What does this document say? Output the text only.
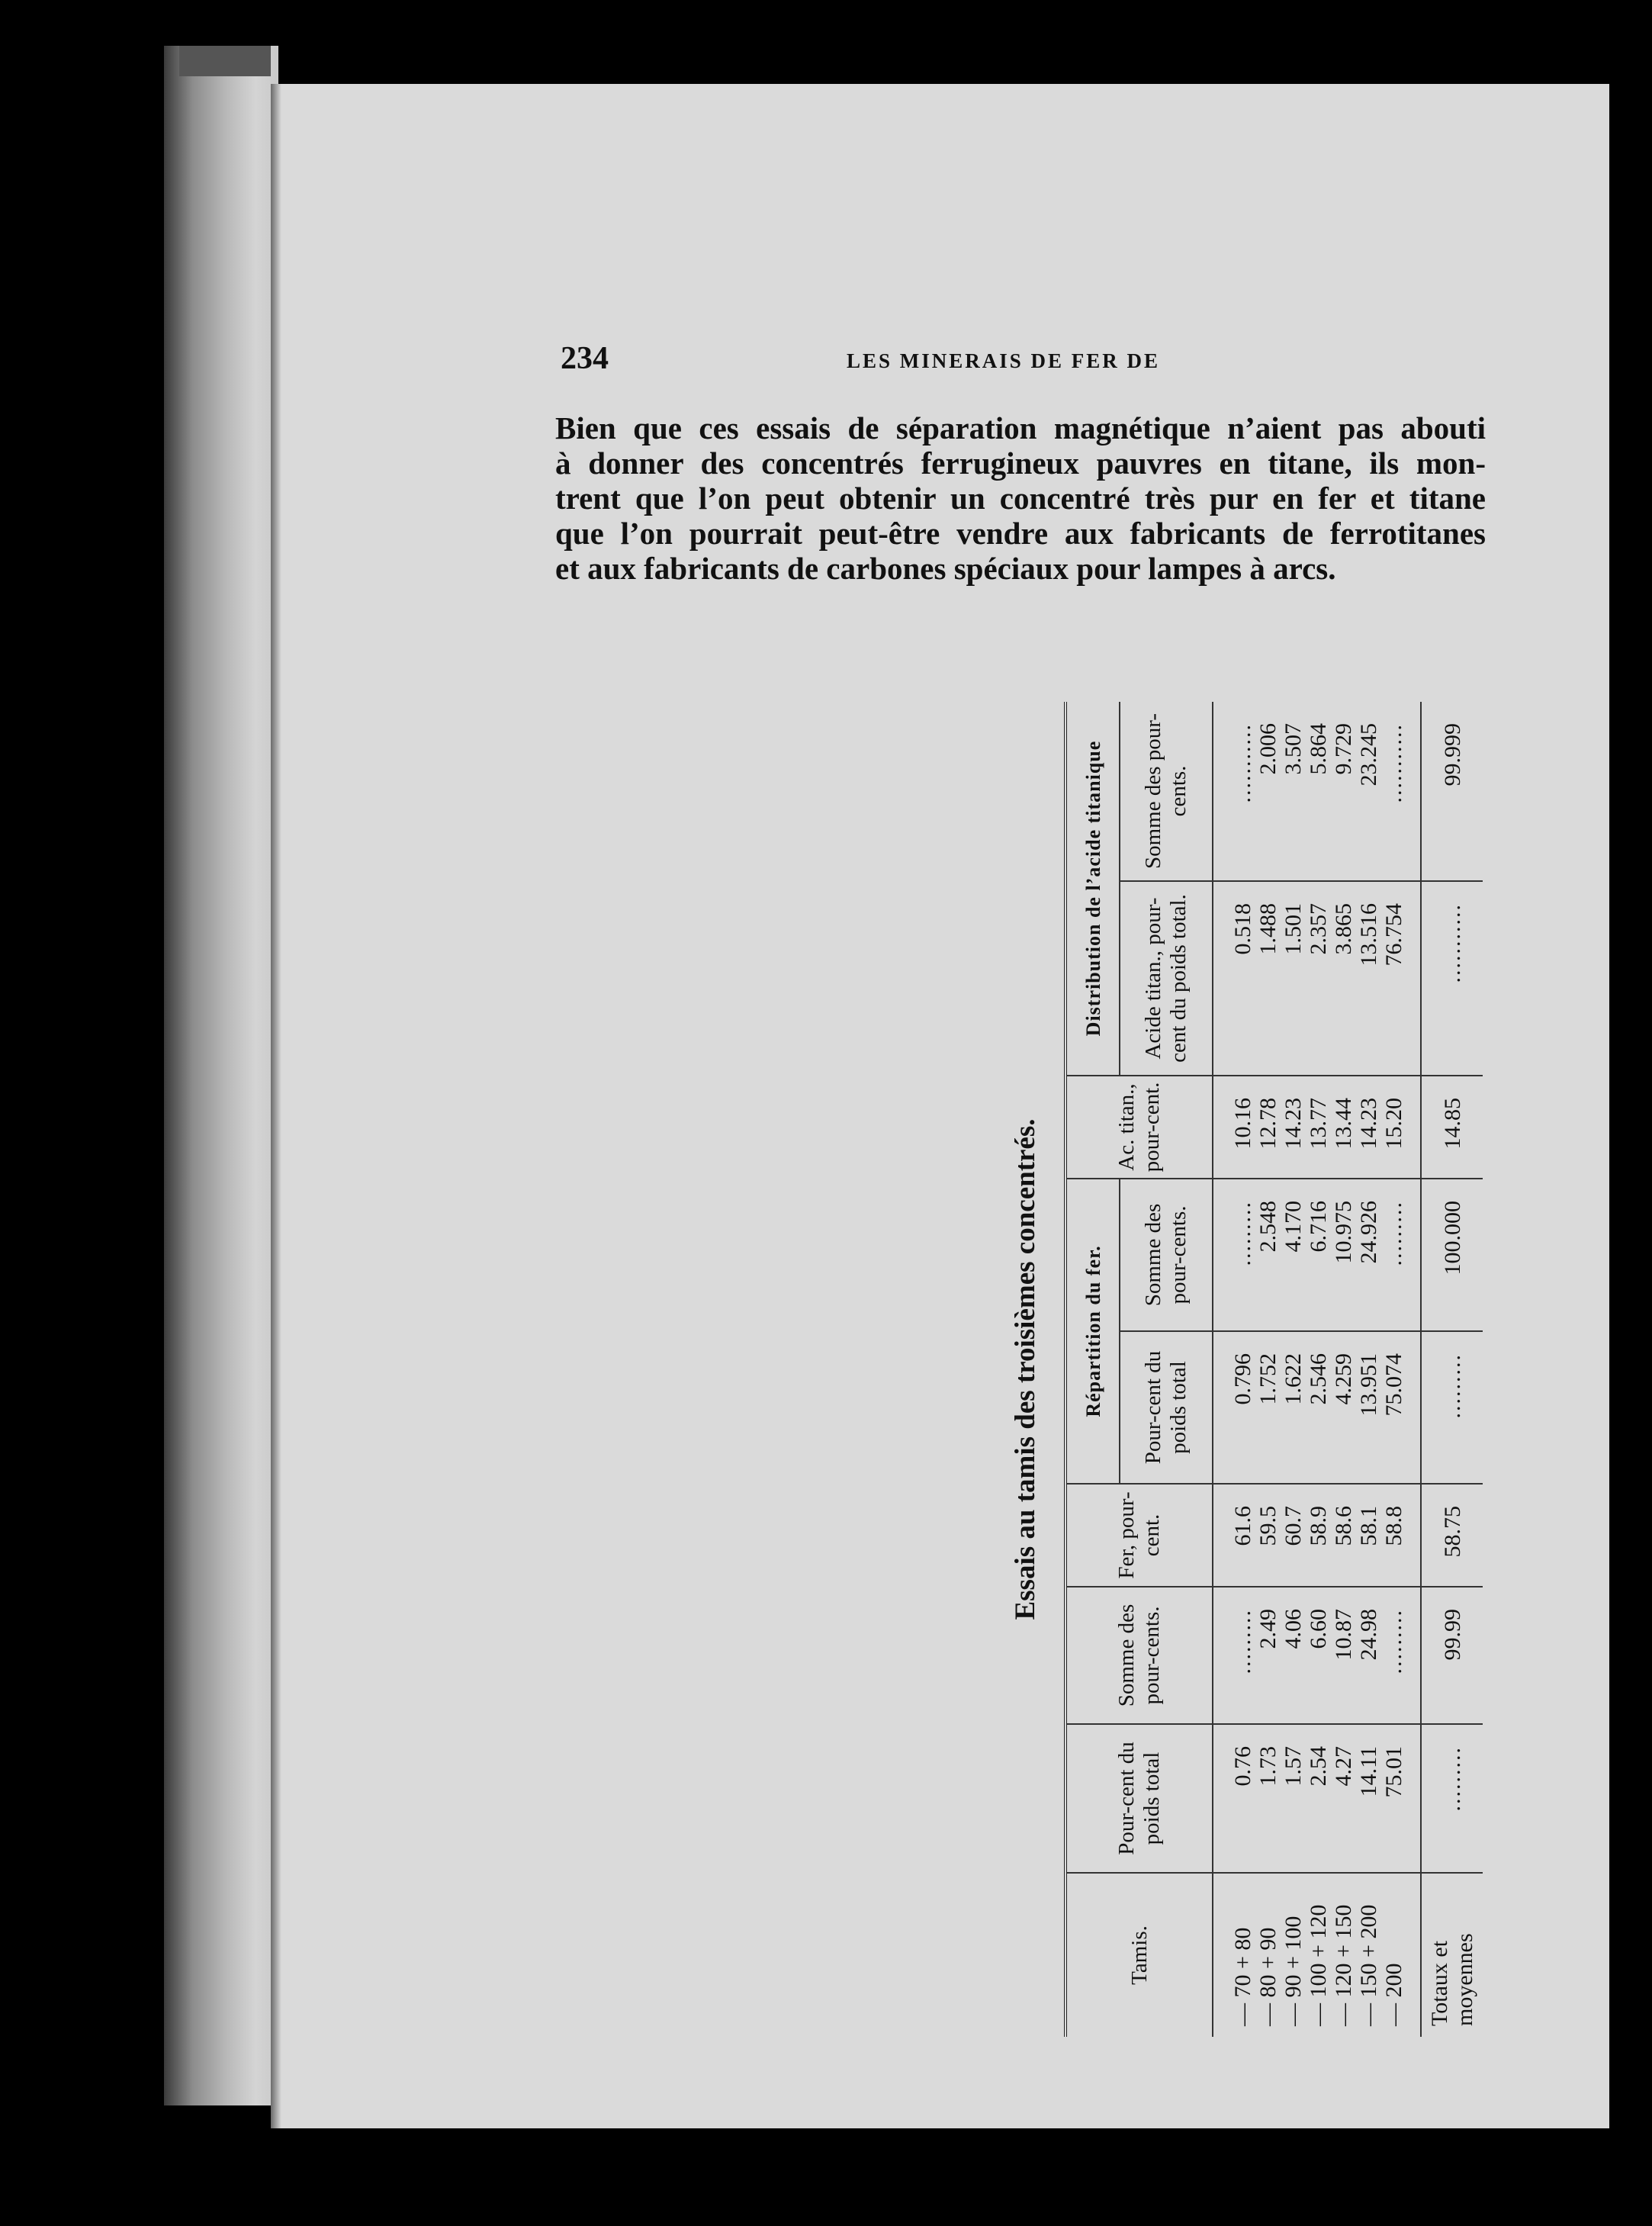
234	LES MINERAIS DE FER DE
Bien que ces essais de séparation magnétique n’aient pas abouti
à donner des concentrés ferrugineux pauvres en titane, ils mon-
trent que l’on peut obtenir un concentré très pur en fer et titane
que l’on pourrait peut-être vendre aux fabricants de ferrotitanes
et aux fabricants de carbones spéciaux pour lampes à arcs.
Essais au tamis des troisièmes concentrés.
Tamis.	Pour-cent du poids total	Somme des pour-cents.	Fer, pour-cent.	Répartition du fer.		Ac. titan., pour-cent.	Distribution de l’acide titanique	
				Pour-cent du poids total	Somme des pour-cents.		Acide titan., pour-cent du poids total.	Somme des pour-cents.
— 70 + 80	0.76	.........	61.6	0.796	.........	10.16	0.518	...........
— 80 + 90	1.73	2.49	59.5	1.752	2.548	12.78	1.488	2.006
— 90 + 100	1.57	4.06	60.7	1.622	4.170	14.23	1.501	3.507
— 100 + 120	2.54	6.60	58.9	2.546	6.716	13.77	2.357	5.864
— 120 + 150	4.27	10.87	58.6	4.259	10.975	13.44	3.865	9.729
— 150 + 200	14.11	24.98	58.1	13.951	24.926	14.23	13.516	23.245
— 200	75.01	.........	58.8	75.074	.........	15.20	76.754	...........
Totaux et moyennes	.........	99.99	58.75	.........	100.000	14.85	...........	99.999
